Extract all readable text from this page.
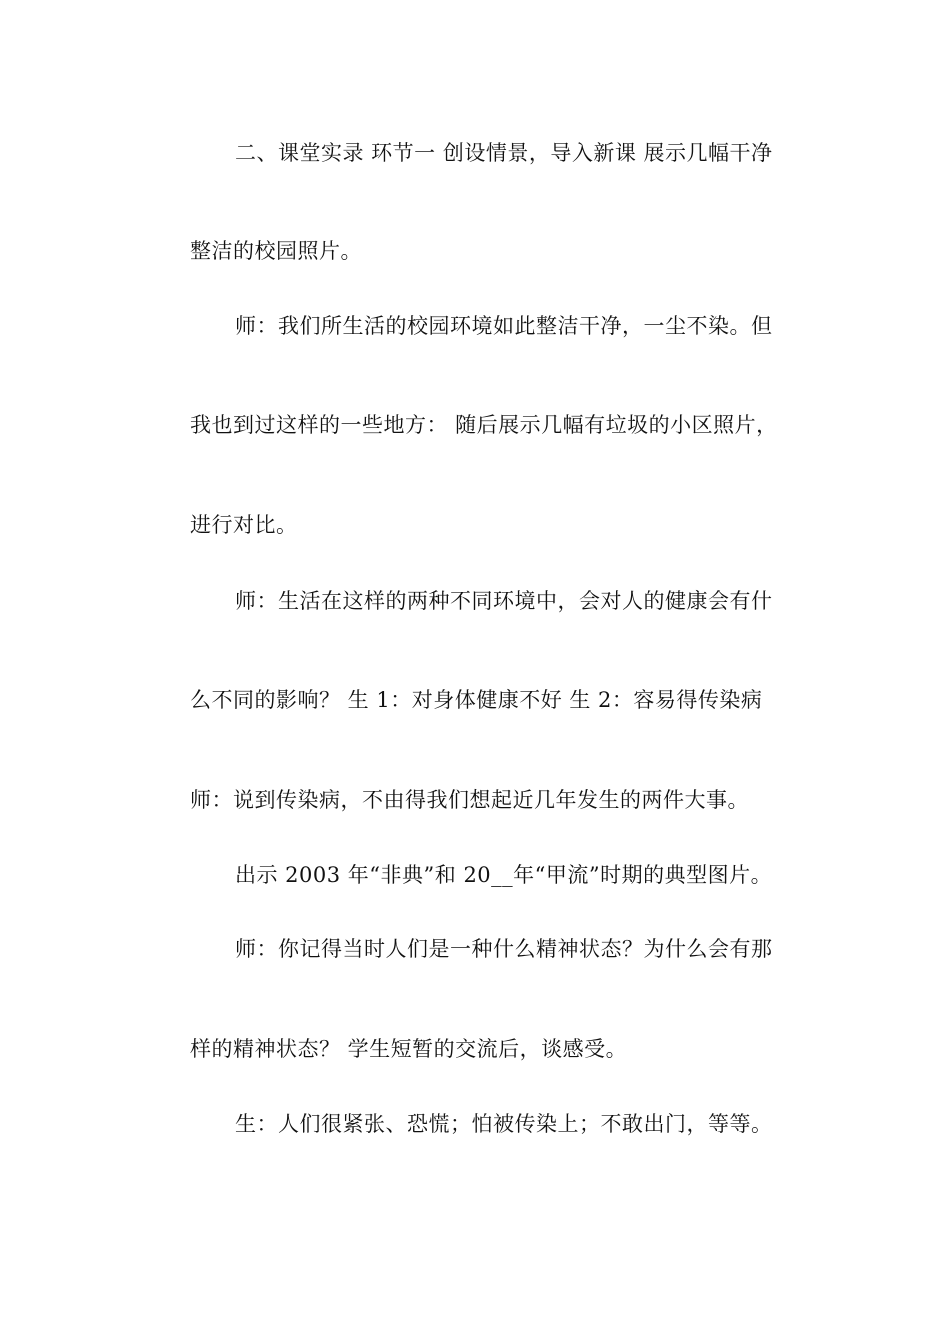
二、课堂实录 环节一 创设情景，导入新课 展示几幅干净
整洁的校园照片。
师：我们所生活的校园环境如此整洁干净，一尘不染。但
我也到过这样的一些地方： 随后展示几幅有垃圾的小区照片，
进行对比。
师：生活在这样的两种不同环境中，会对人的健康会有什
么不同的影响？ 生 1：对身体健康不好 生 2：容易得传染病
师：说到传染病，不由得我们想起近几年发生的两件大事。
出示 2003 年“非典”和 20__年“甲流”时期的典型图片。
师：你记得当时人们是一种什么精神状态？为什么会有那
样的精神状态？ 学生短暂的交流后，谈感受。
生：人们很紧张、恐慌；怕被传染上；不敢出门，等等。
